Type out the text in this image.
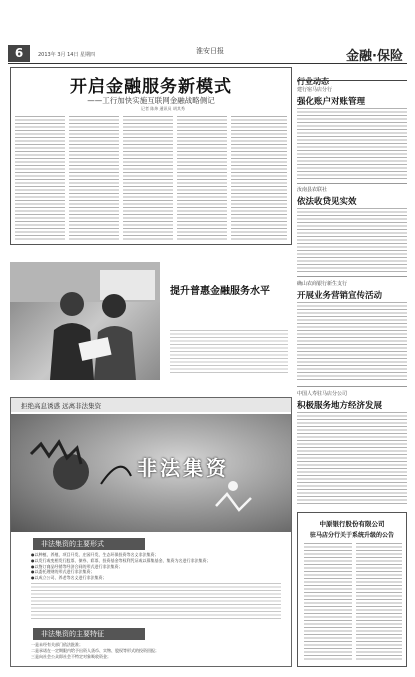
6	2013年 3月 14日 星期四	淮安日报	金融·保险
开启金融服务新模式
——工行加快实施互联网金融战略侧记
记者 陈炜 通讯员 胡其秀
提升普惠金融服务水平
拒绝高息诱惑 远离非法集资
非法集资
非法集资的主要形式
●以种植、养殖、项目开发、庄园开发、生态环保投资等名义非法集资；
●以发行或变相发行股票、债券、彩票、投资基金等权利凭证或以募集基金、集资为名进行非法集资；
●以签订商品经销等经济合同的形式进行非法集资；
●以委托理财的形式进行非法集资；
●以成立公司、养老等名义进行非法集资；
非法集资的主要特征
一是未经有关部门依法批准；
二是承诺在一定期限内给予出资人货币、实物、股权等形式的投资回报；
三是向社会公众即社会不特定对象吸收资金；
行业动态
建行宿马店分行
强化账户对账管理
汝南县农联社
依法收贷见实效
确山农商银行新生支行
开展业务营销宣传活动
中国人寿驻马店分公司
积极服务地方经济发展
中原银行股份有限公司
驻马店分行关于系统升级的公告
